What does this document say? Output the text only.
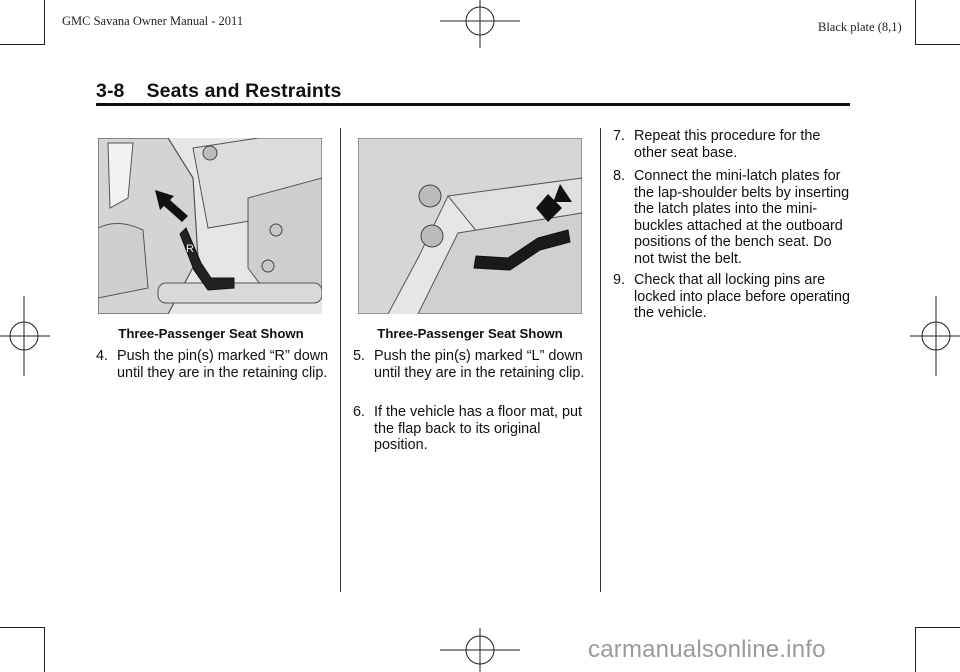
GMC Savana Owner Manual - 2011	Black plate (8,1)
3-8    Seats and Restraints
R
Three-Passenger Seat Shown
4. Push the pin(s) marked “R” down until they are in the retaining clip.
Three-Passenger Seat Shown
5. Push the pin(s) marked “L” down until they are in the retaining clip.
6. If the vehicle has a floor mat, put the flap back to its original position.
7. Repeat this procedure for the other seat base.
8. Connect the mini-latch plates for the lap-shoulder belts by inserting the latch plates into the mini-buckles attached at the outboard positions of the bench seat. Do not twist the belt.
9. Check that all locking pins are locked into place before operating the vehicle.
carmanualsonline.info
